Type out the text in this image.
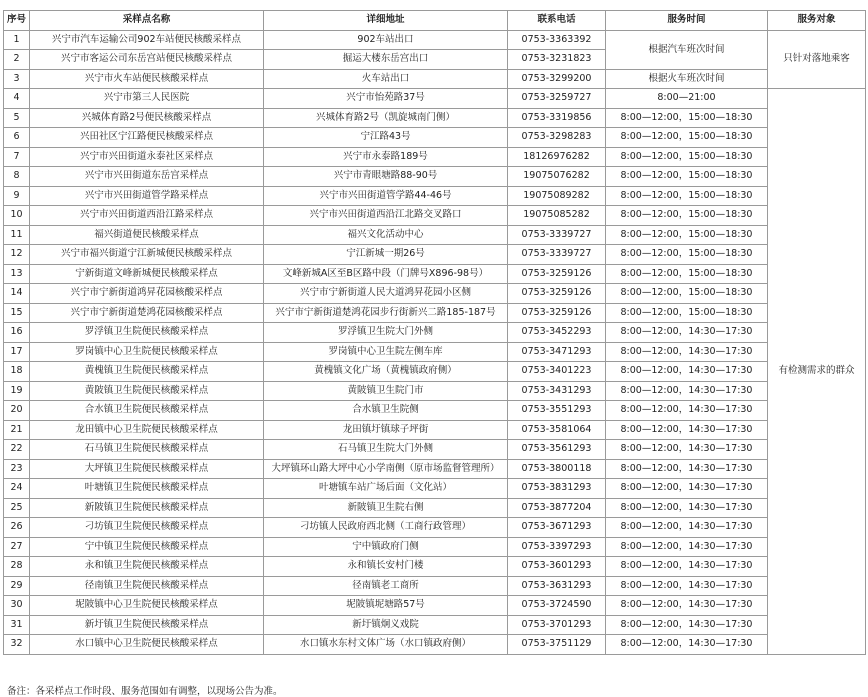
序号	采样点名称	详细地址	联系电话	服务时间	服务对象
1	兴宁市汽车运输公司902车站便民核酸采样点	902车站出口	0753-3363392	根据汽车班次时间	只针对落地乘客
2	兴宁市客运公司东岳宫站便民核酸采样点	掘运大楼东岳宫出口	0753-3231823		
3	兴宁市火车站便民核酸采样点	火车站出口	0753-3299200	根据火车班次时间	
4	兴宁市第三人民医院	兴宁市怡苑路37号	0753-3259727	8:00—21:00	有检测需求的群众
5	兴城体育路2号便民核酸采样点	兴城体育路2号（凯旋城南门侧）	0753-3319856	8:00—12:00，15:00—18:30	
6	兴田社区宁江路便民核酸采样点	宁江路43号	0753-3298283	8:00—12:00，15:00—18:30	
7	兴宁市兴田街道永泰社区采样点	兴宁市永泰路189号	18126976282	8:00—12:00，15:00—18:30	
8	兴宁市兴田街道东岳宫采样点	兴宁市青眼塘路88-90号	19075076282	8:00—12:00，15:00—18:30	
9	兴宁市兴田街道管学路采样点	兴宁市兴田街道管学路44-46号	19075089282	8:00—12:00，15:00—18:30	
10	兴宁市兴田街道西沿江路采样点	兴宁市兴田街道西沿江北路交叉路口	19075085282	8:00—12:00，15:00—18:30	
11	福兴街道便民核酸采样点	福兴文化活动中心	0753-3339727	8:00—12:00，15:00—18:30	
12	兴宁市福兴街道宁江新城便民核酸采样点	宁江新城一期26号	0753-3339727	8:00—12:00，15:00—18:30	
13	宁新街道文峰新城便民核酸采样点	文峰新城A区至B区路中段（门牌号X896-98号）	0753-3259126	8:00—12:00，15:00—18:30	
14	兴宁市宁新街道鸿昇花园核酸采样点	兴宁市宁新街道人民大道鸿昇花园小区侧	0753-3259126	8:00—12:00，15:00—18:30	
15	兴宁市宁新街道楚鸿花园核酸采样点	兴宁市宁新街道楚鸿花园步行街新兴二路185-187号	0753-3259126	8:00—12:00，15:00—18:30	
16	罗浮镇卫生院便民核酸采样点	罗浮镇卫生院大门外侧	0753-3452293	8:00—12:00，14:30—17:30	
17	罗岗镇中心卫生院便民核酸采样点	罗岗镇中心卫生院左侧车库	0753-3471293	8:00—12:00，14:30—17:30	
18	黄槐镇卫生院便民核酸采样点	黄槐镇文化广场（黄槐镇政府侧）	0753-3401223	8:00—12:00，14:30—17:30	
19	黄陂镇卫生院便民核酸采样点	黄陂镇卫生院门市	0753-3431293	8:00—12:00，14:30—17:30	
20	合水镇卫生院便民核酸采样点	合水镇卫生院侧	0753-3551293	8:00—12:00，14:30—17:30	
21	龙田镇中心卫生院便民核酸采样点	龙田镇圩镇球子坪街	0753-3581064	8:00—12:00，14:30—17:30	
22	石马镇卫生院便民核酸采样点	石马镇卫生院大门外侧	0753-3561293	8:00—12:00，14:30—17:30	
23	大坪镇卫生院便民核酸采样点	大坪镇环山路大坪中心小学南侧（原市场监督管理所）	0753-3800118	8:00—12:00，14:30—17:30	
24	叶塘镇卫生院便民核酸采样点	叶塘镇车站广场后面（文化站）	0753-3831293	8:00—12:00，14:30—17:30	
25	新陂镇卫生院便民核酸采样点	新陂镇卫生院右侧	0753-3877204	8:00—12:00，14:30—17:30	
26	刁坊镇卫生院便民核酸采样点	刁坊镇人民政府西北侧（工商行政管理）	0753-3671293	8:00—12:00，14:30—17:30	
27	宁中镇卫生院便民核酸采样点	宁中镇政府门侧	0753-3397293	8:00—12:00，14:30—17:30	
28	永和镇卫生院便民核酸采样点	永和镇长安村门楼	0753-3601293	8:00—12:00，14:30—17:30	
29	径南镇卫生院便民核酸采样点	径南镇老工商所	0753-3631293	8:00—12:00，14:30—17:30	
30	坭陂镇中心卫生院便民核酸采样点	坭陂镇坭塘路57号	0753-3724590	8:00—12:00，14:30—17:30	
31	新圩镇卫生院便民核酸采样点	新圩镇炯义戏院	0753-3701293	8:00—12:00，14:30—17:30	
32	水口镇中心卫生院便民核酸采样点	水口镇水东村文体广场（水口镇政府侧）	0753-3751129	8:00—12:00，14:30—17:30	
备注：各采样点工作时段、服务范围如有调整，以现场公告为准。
